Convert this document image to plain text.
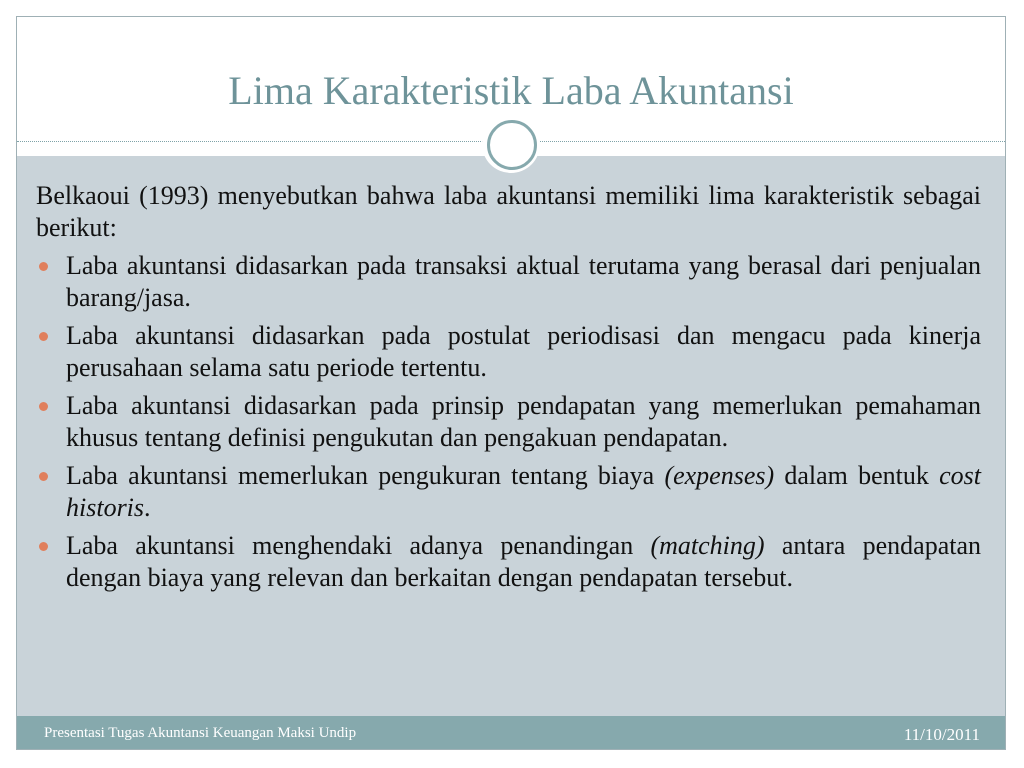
Lima Karakteristik Laba Akuntansi

Belkaoui (1993) menyebutkan bahwa laba akuntansi memiliki lima karakteristik sebagai berikut:

Laba akuntansi didasarkan pada transaksi aktual terutama yang berasal dari penjualan barang/jasa.
Laba akuntansi didasarkan pada postulat periodisasi dan mengacu pada kinerja perusahaan selama satu periode tertentu.
Laba akuntansi didasarkan pada prinsip pendapatan yang memerlukan pemahaman khusus tentang definisi pengukutan dan pengakuan pendapatan.
Laba akuntansi memerlukan pengukuran tentang biaya (expenses) dalam bentuk cost historis.
Laba akuntansi menghendaki adanya penandingan (matching) antara pendapatan dengan biaya yang relevan dan berkaitan dengan pendapatan tersebut.
Presentasi Tugas Akuntansi Keuangan Maksi Undip	11/10/2011
